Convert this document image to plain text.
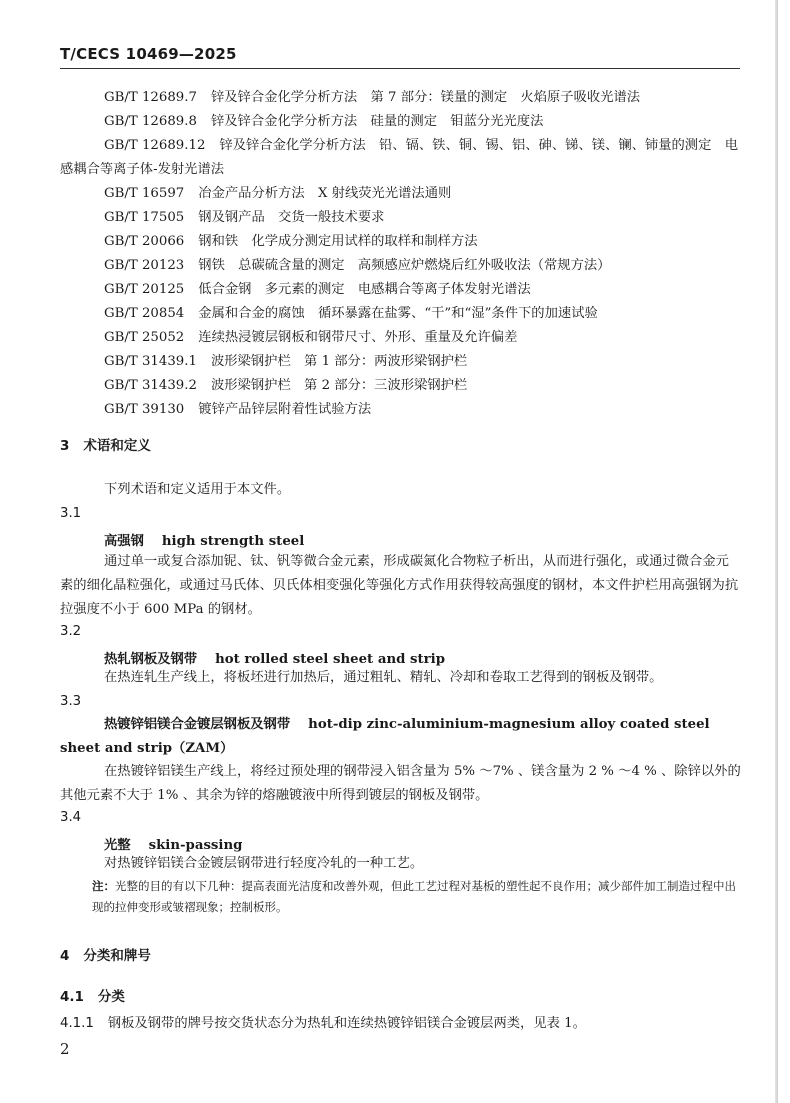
T/CECS 10469—2025
GB/T 12689.7 锌及锌合金化学分析方法　第 7 部分：镁量的测定　火焰原子吸收光谱法
GB/T 12689.8 锌及锌合金化学分析方法　硅量的测定　钼蓝分光光度法
GB/T 12689.12 锌及锌合金化学分析方法　铅、镉、铁、铜、锡、铝、砷、锑、镁、镧、铈量的测定　电
感耦合等离子体-发射光谱法
GB/T 16597 冶金产品分析方法　X 射线荧光光谱法通则
GB/T 17505 钢及钢产品　交货一般技术要求
GB/T 20066 钢和铁　化学成分测定用试样的取样和制样方法
GB/T 20123 钢铁　总碳硫含量的测定　高频感应炉燃烧后红外吸收法（常规方法）
GB/T 20125 低合金钢　多元素的测定　电感耦合等离子体发射光谱法
GB/T 20854 金属和合金的腐蚀　循环暴露在盐雾、“干”和“湿”条件下的加速试验
GB/T 25052 连续热浸镀层钢板和钢带尺寸、外形、重量及允许偏差
GB/T 31439.1 波形梁钢护栏　第 1 部分：两波形梁钢护栏
GB/T 31439.2 波形梁钢护栏　第 2 部分：三波形梁钢护栏
GB/T 39130 镀锌产品锌层附着性试验方法
3 术语和定义
下列术语和定义适用于本文件。
3.1
高强钢 high strength steel
通过单一或复合添加铌、钛、钒等微合金元素，形成碳氮化合物粒子析出，从而进行强化，或通过微合金元素的细化晶粒强化，或通过马氏体、贝氏体相变强化等强化方式作用获得较高强度的钢材，本文件护栏用高强钢为抗拉强度不小于 600 MPa 的钢材。
3.2
热轧钢板及钢带 hot rolled steel sheet and strip
在热连轧生产线上，将板坯进行加热后，通过粗轧、精轧、冷却和卷取工艺得到的钢板及钢带。
3.3
热镀锌铝镁合金镀层钢板及钢带 hot-dip zinc-aluminium-magnesium alloy coated steel sheet and strip（ZAM）
在热镀锌铝镁生产线上，将经过预处理的钢带浸入铝含量为 5% ～7% 、镁含量为 2 % ～4 % 、除锌以外的其他元素不大于 1% 、其余为锌的熔融镀液中所得到镀层的钢板及钢带。
3.4
光整 skin-passing
对热镀锌铝镁合金镀层钢带进行轻度冷轧的一种工艺。
注：光整的目的有以下几种：提高表面光洁度和改善外观，但此工艺过程对基板的塑性起不良作用；减少部件加工制造过程中出现的拉伸变形或皱褶现象；控制板形。
4 分类和牌号
4.1 分类
4.1.1 钢板及钢带的牌号按交货状态分为热轧和连续热镀锌铝镁合金镀层两类，见表 1。
2
